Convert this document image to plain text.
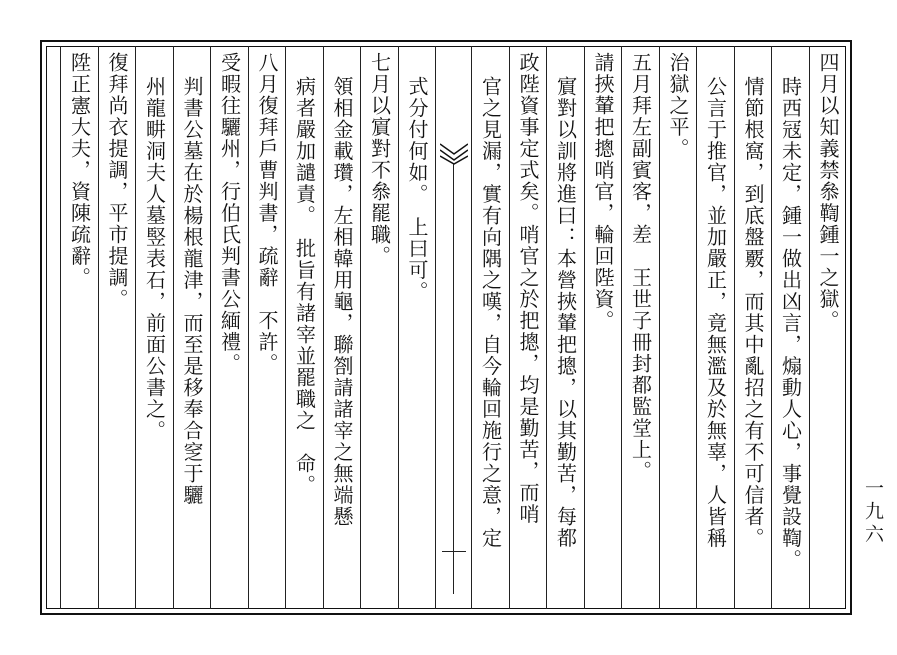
四月以知義禁叅鞫鍾一之獄。
時西冦未定，鍾一做出凶言，煽動人心，事覺設鞫。
情節根窩，到底盤覈，而其中亂招之有不可信者。
公言于推官，並加嚴正，竟無濫及於無辜，人皆稱
治獄之平。
五月拜左副賓客，差　王世子冊封都監堂上。
請挾輦把摠哨官，輪回陛資。
賔對以訓將進曰：本營挾輦把摠，以其勤苦，每都
政陛資事定式矣。哨官之於把摠，均是勤苦，而哨
官之見漏，實有向隅之嘆，自今輪回施行之意，定
式分付何如。　上曰可。
七月以賔對不叅罷職。
領相金載瓚，左相韓用龜，聯劄請諸宰之無端懸
病者嚴加譴責。　批旨有諸宰並罷職之　命。
八月復拜戶曹判書，疏辭　不許。
受暇往驪州，行伯氏判書公緬禮。
判書公墓在於楊根龍津，而至是移奉合窆于驪
州龍畊洞夫人墓竪表石，前面公書之。
復拜尚衣提調，平市提調。
陞正憲大夫，資陳疏辭。
一九六
